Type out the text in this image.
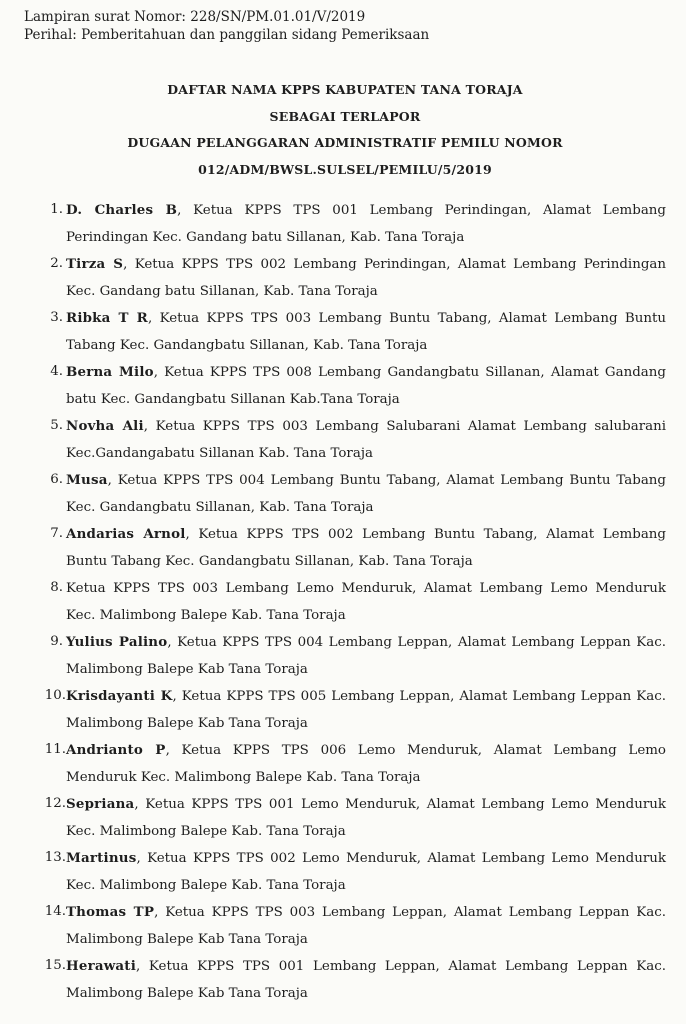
Lampiran surat Nomor: 228/SN/PM.01.01/V/2019
Perihal: Pemberitahuan dan panggilan sidang Pemeriksaan
DAFTAR NAMA KPPS KABUPATEN TANA TORAJA
SEBAGAI TERLAPOR
DUGAAN PELANGGARAN ADMINISTRATIF PEMILU NOMOR
012/ADM/BWSL.SULSEL/PEMILU/5/2019
1. D. Charles B, Ketua KPPS TPS 001 Lembang Perindingan, Alamat Lembang Perindingan Kec. Gandang batu Sillanan, Kab. Tana Toraja
2. Tirza S, Ketua KPPS TPS 002 Lembang Perindingan, Alamat Lembang Perindingan Kec. Gandang batu Sillanan, Kab. Tana Toraja
3. Ribka T R, Ketua KPPS TPS 003 Lembang Buntu Tabang, Alamat Lembang Buntu Tabang Kec. Gandangbatu Sillanan, Kab. Tana Toraja
4. Berna Milo, Ketua KPPS TPS 008 Lembang Gandangbatu Sillanan, Alamat Gandang batu Kec. Gandangbatu Sillanan Kab.Tana Toraja
5. Novha Ali, Ketua KPPS TPS 003 Lembang Salubarani Alamat Lembang salubarani Kec.Gandangabatu Sillanan Kab. Tana Toraja
6. Musa, Ketua KPPS TPS 004 Lembang Buntu Tabang, Alamat Lembang Buntu Tabang Kec. Gandangbatu Sillanan, Kab. Tana Toraja
7. Andarias Arnol, Ketua KPPS TPS 002 Lembang Buntu Tabang, Alamat Lembang Buntu Tabang Kec. Gandangbatu Sillanan, Kab. Tana Toraja
8. Ketua KPPS TPS 003 Lembang Lemo Menduruk, Alamat Lembang Lemo Menduruk Kec. Malimbong Balepe Kab. Tana Toraja
9. Yulius Palino, Ketua KPPS TPS 004 Lembang Leppan, Alamat Lembang Leppan Kac. Malimbong Balepe Kab Tana Toraja
10. Krisdayanti K, Ketua KPPS TPS 005 Lembang Leppan, Alamat Lembang Leppan Kac. Malimbong Balepe Kab Tana Toraja
11. Andrianto P, Ketua KPPS TPS 006 Lemo Menduruk, Alamat Lembang Lemo Menduruk Kec. Malimbong Balepe Kab. Tana Toraja
12. Sepriana, Ketua KPPS TPS 001 Lemo Menduruk, Alamat Lembang Lemo Menduruk Kec. Malimbong Balepe Kab. Tana Toraja
13. Martinus, Ketua KPPS TPS 002 Lemo Menduruk, Alamat Lembang Lemo Menduruk Kec. Malimbong Balepe Kab. Tana Toraja
14. Thomas TP, Ketua KPPS TPS 003 Lembang Leppan, Alamat Lembang Leppan Kac. Malimbong Balepe Kab Tana Toraja
15. Herawati, Ketua KPPS TPS 001 Lembang Leppan, Alamat Lembang Leppan Kac. Malimbong Balepe Kab Tana Toraja
